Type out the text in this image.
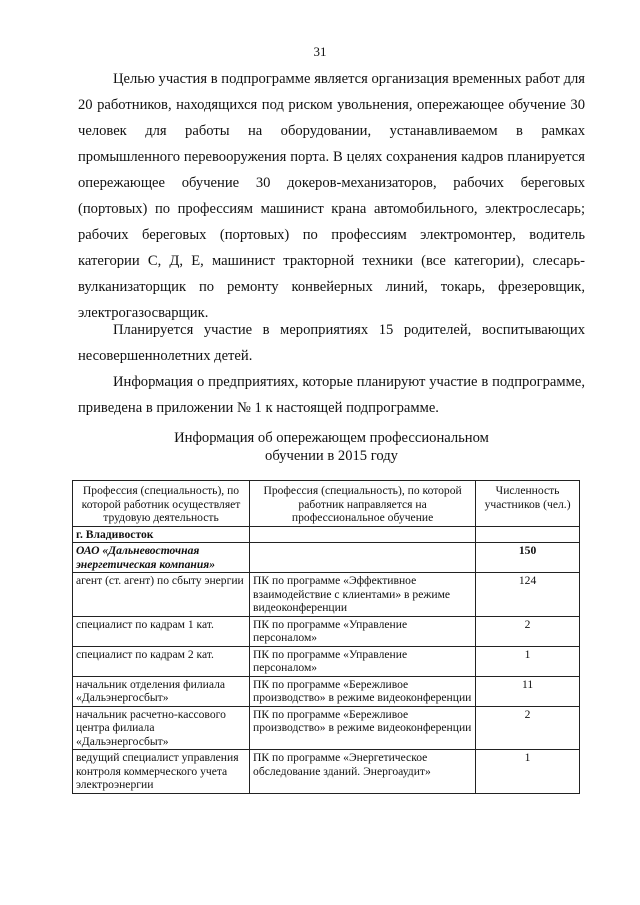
31

Целью участия в подпрограмме является организация временных работ для 20 работников, находящихся под риском увольнения, опережающее обучение 30 человек для работы на оборудовании, устанавливаемом в рамках промышленного перевооружения порта. В целях сохранения кадров планируется опережающее обучение 30 докеров-механизаторов, рабочих береговых (портовых) по профессиям машинист крана автомобильного, электрослесарь; рабочих береговых (портовых) по профессиям электромонтер, водитель категории С, Д, Е, машинист тракторной техники (все категории), слесарь-вулканизаторщик по ремонту конвейерных линий, токарь, фрезеровщик, электрогазосварщик.

Планируется участие в мероприятиях 15 родителей, воспитывающих несовершеннолетних детей.

Информация о предприятиях, которые планируют участие в подпрограмме, приведена в приложении № 1 к настоящей подпрограмме.

Информация об опережающем профессиональном
обучении в 2015 году
Профессия (специальность), по которой работник осуществляет трудовую деятельность	Профессия (специальность), по которой работник направляется на профессиональное обучение	Численность участников (чел.)
г. Владивосток		
ОАО «Дальневосточная энергетическая компания»		150
агент (ст. агент) по сбыту энергии	ПК по программе «Эффективное взаимодействие с клиентами» в режиме видеоконференции	124
специалист по кадрам 1 кат.	ПК по программе «Управление персоналом»	2
специалист по кадрам 2 кат.	ПК по программе «Управление персоналом»	1
начальник отделения филиала «Дальэнергосбыт»	ПК по программе «Бережливое производство» в режиме видеоконференции	11
начальник расчетно-кассового центра филиала «Дальэнергосбыт»	ПК по программе «Бережливое производство» в режиме видеоконференции	2
ведущий специалист управления контроля коммерческого учета электроэнергии	ПК по программе «Энергетическое обследование зданий. Энергоаудит»	1
